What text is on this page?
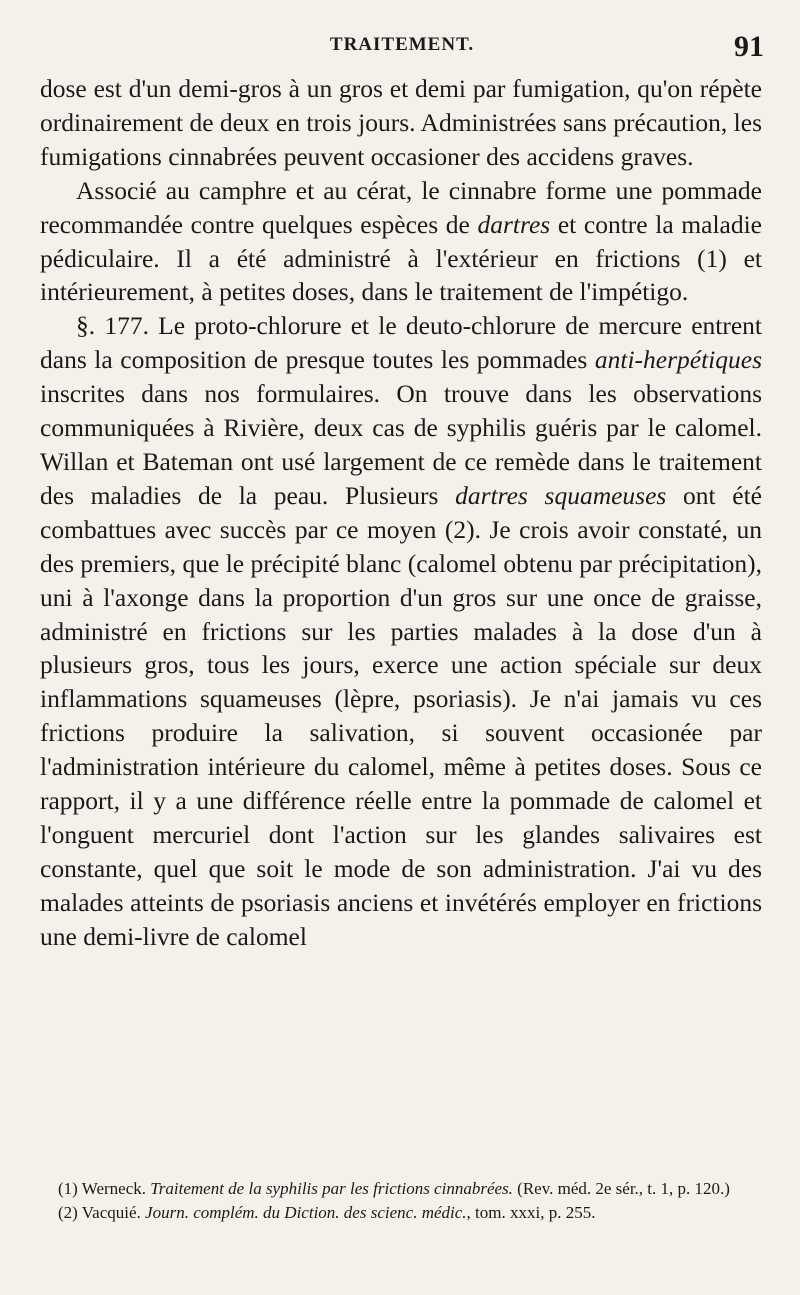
TRAITEMENT.	91

dose est d'un demi-gros à un gros et demi par fumigation, qu'on répète ordinairement de deux en trois jours. Administrées sans précaution, les fumigations cinnabrées peuvent occasioner des accidens graves.

Associé au camphre et au cérat, le cinnabre forme une pommade recommandée contre quelques espèces de dartres et contre la maladie pédiculaire. Il a été administré à l'extérieur en frictions (1) et intérieurement, à petites doses, dans le traitement de l'impétigo.

§. 177. Le proto-chlorure et le deuto-chlorure de mercure entrent dans la composition de presque toutes les pommades anti-herpétiques inscrites dans nos formulaires. On trouve dans les observations communiquées à Rivière, deux cas de syphilis guéris par le calomel. Willan et Bateman ont usé largement de ce remède dans le traitement des maladies de la peau. Plusieurs dartres squameuses ont été combattues avec succès par ce moyen (2). Je crois avoir constaté, un des premiers, que le précipité blanc (calomel obtenu par précipitation), uni à l'axonge dans la proportion d'un gros sur une once de graisse, administré en frictions sur les parties malades à la dose d'un à plusieurs gros, tous les jours, exerce une action spéciale sur deux inflammations squameuses (lèpre, psoriasis). Je n'ai jamais vu ces frictions produire la salivation, si souvent occasionée par l'administration intérieure du calomel, même à petites doses. Sous ce rapport, il y a une différence réelle entre la pommade de calomel et l'onguent mercuriel dont l'action sur les glandes salivaires est constante, quel que soit le mode de son administration. J'ai vu des malades atteints de psoriasis anciens et invétérés employer en frictions une demi-livre de calomel

(1) Werneck. Traitement de la syphilis par les frictions cinnabrées. (Rev. méd. 2e sér., t. 1, p. 120.)

(2) Vacquié. Journ. complém. du Diction. des scienc. médic., tom. xxxi, p. 255.
